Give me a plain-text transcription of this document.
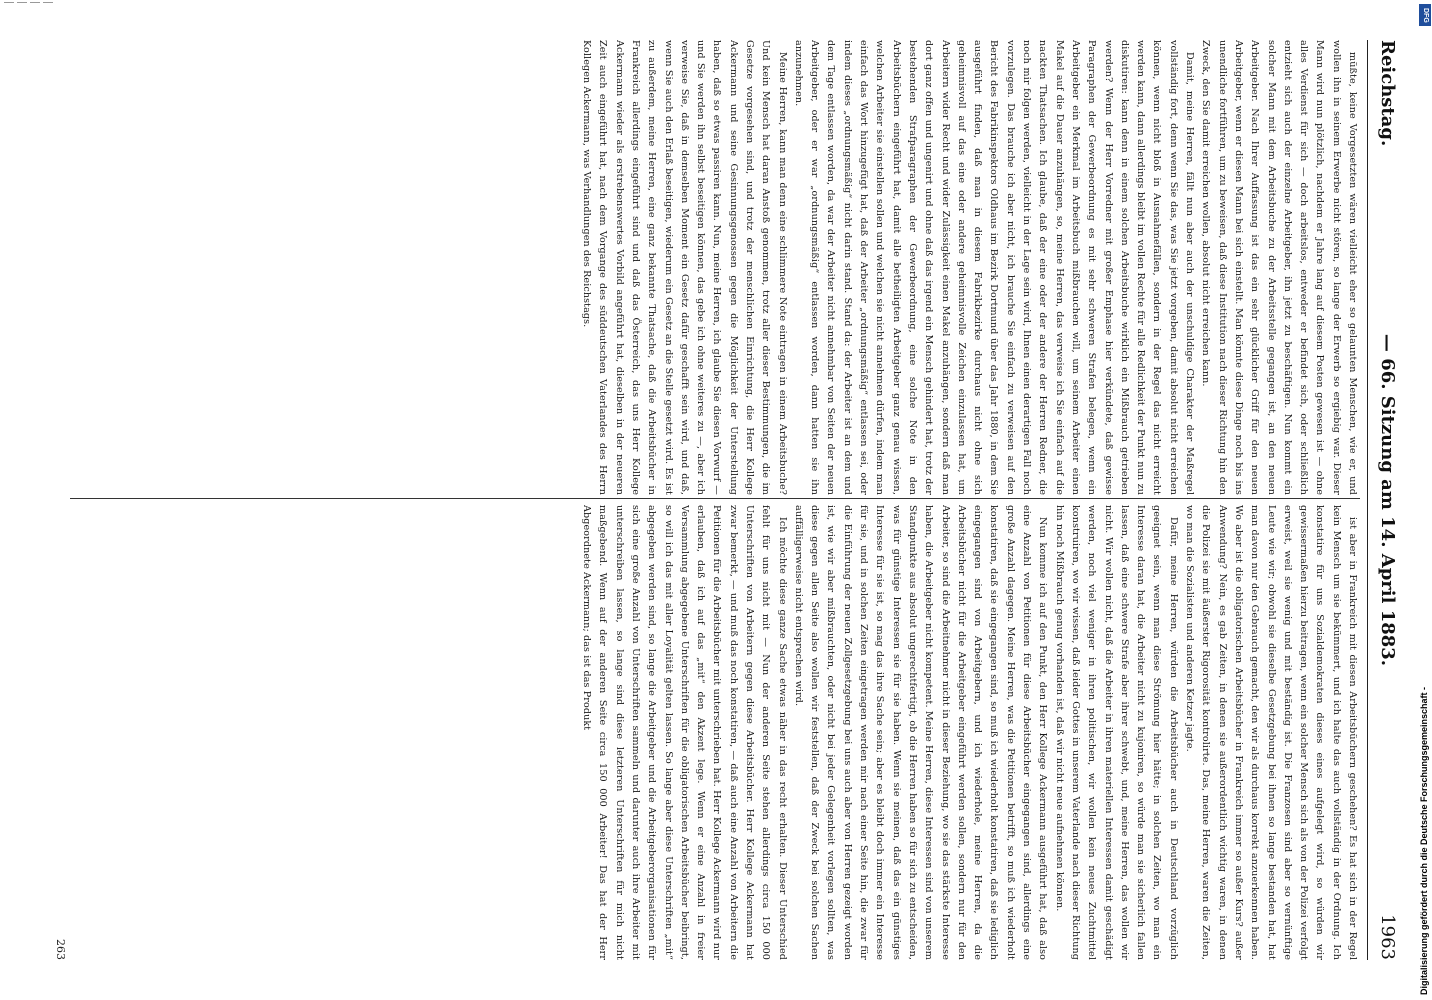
Reichstag.
— 66. Sitzung am 14. April 1883.
1963

müßte, keine Vorgesetzten wären vielleicht eher so gelaunten Menschen, wie er, und wollen ihn in seinem Erwerbe nicht stören, so lange der Erwerb so ergiebig war. Dieser Mann wird nun plötzlich, nachdem er Jahre lang auf diesem Posten gewesen ist — ohne alles Verdienst für sich — doch arbeitslos, entweder er befindet sich, oder schließlich entzieht sich auch der einzelne Arbeitgeber, ihn jetzt zu beschäftigen. Nun kommt ein solcher Mann mit dem Arbeitsbuche zu der Arbeitsstelle gegangen ist, an den neuen Arbeitgeber. Nach Ihrer Auffassung ist das ein sehr glücklicher Griff für den neuen Arbeitgeber, wenn er diesen Mann bei sich einstellt. Man könnte diese Dinge noch bis ins unendliche fortführen, um zu beweisen, daß diese Institution nach dieser Richtung hin den Zweck, den Sie damit erreichen wollen, absolut nicht erreichen kann.

Damit, meine Herren, fällt nun aber auch der unschuldige Charakter der Maßregel vollständig fort, denn wenn Sie das, was Sie jetzt vorgeben, damit absolut nicht erreichen können, wenn nicht bloß in Ausnahmefällen, sondern in der Regel das nicht erreicht werden kann, dann allerdings bleibt im vollen Rechte für alle Redlichkeit der Punkt nun zu diskutiren: kann denn in einem solchen Arbeitsbuche wirklich ein Mißbrauch getrieben werden? Wenn der Herr Vorredner mit großer Emphase hier verkündete, daß gewisse Paragraphen der Gewerbeordnung es mit sehr schweren Strafen belegen, wenn ein Arbeitgeber ein Merkmal im Arbeitsbuch mißbrauchen will, um seinem Arbeiter einen Makel auf die Dauer anzuhängen, so, meine Herren, das verweise ich Sie einfach auf die nackten Thatsachen. Ich glaube, daß der eine oder der andere der Herren Redner, die noch mir folgen werden, vielleicht in der Lage sein wird, Ihnen einen derartigen Fall noch vorzulegen. Das brauche ich aber nicht, ich brauche Sie einfach zu verweisen auf den Bericht des Fabrikinspektors Oldhaus im Bezirk Dortmund über das Jahr 1880, in dem Sie ausgeführt finden, daß man in diesem Fabrikbezirke durchaus nicht ohne sich geheimnisvoll auf das eine oder andere geheimnisvolle Zeichen einzulassen hat, um Arbeitern wider Recht und wider Zulässigkeit einen Makel anzuhängen, sondern daß man dort ganz offen und ungenirt und ohne daß das irgend ein Mensch gehindert hat, trotz der bestehenden Strafparagraphen der Gewerbeordnung, eine solche Note in den Arbeitsbüchern eingeführt hat, damit alle betheiligten Arbeitgeber ganz genau wissen, welchen Arbeiter sie einstellen sollen und welchen sie nicht annehmen dürfen, indem man einfach das Wort hinzugefügt hat, daß der Arbeiter „ordnungsmäßig“ entlassen sei, oder indem dieses „ordnungsmäßig“ nicht darin stand. Stand da: der Arbeiter ist an dem und dem Tage entlassen worden, da war der Arbeiter nicht annehmbar von Seiten der neuen Arbeitgeber, oder er war „ordnungsmäßig“ entlassen worden, dann hatten sie ihn anzunehmen.

Meine Herren, kann man denn eine schlimmere Note eintragen in einem Arbeitsbuche? Und kein Mensch hat daran Anstoß genommen, trotz aller dieser Bestimmungen, die im Gesetze vorgesehen sind, und trotz der menschlichen Einrichtung, die Herr Kollege Ackermann und seine Gesinnungsgenossen gegen die Möglichkeit der Unterstellung haben, daß so etwas passiren kann. Nun, meine Herren, ich glaube Sie diesen Vorwurf — und Sie werden ihn selbst beseitigen können, das gebe ich ohne weiteres zu —, aber ich verweise Sie, daß in demselben Moment ein Gesetz dafür geschafft sein wird, und daß, wenn Sie auch den Erlaß beseitigen, wiederum ein Gesetz an die Stelle gesetzt wird. Es ist zu außerdem, meine Herren, eine ganz bekannte Thatsache, daß die Arbeitsbücher in Frankreich allerdings eingeführt sind und daß das Österreich, das uns Herr Kollege Ackermann wieder als erstrebenswertes Vorbild angeführt hat, dieselben in der neueren Zeit auch eingeführt hat, nach dem Vorgange des süddeutschen Vaterlandes des Herrn Kollegen Ackermann, was Verhandlungen des Reichstags.

ist aber in Frankreich mit diesen Arbeitsbüchern geschehen? Es hat sich in der Regel kein Mensch um sie bekümmert, und ich halte das auch vollständig in der Ordnung. Ich konstatire für uns Sozialdemokraten dieses eines aufgelegt wird, so würden wir gewissermaßen hierzu beitragen, wenn ein solcher Mensch sich als von der Polizei verfolgt erweist, weil sie wenig und mit beständig ist. Die Franzosen sind aber so vernünftige Leute wie wir; obwohl sie dieselbe Gesetzgebung bei ihnen so lange bestanden hat, hat man davon nur den Gebrauch gemacht, den wir als durchaus korrekt anzuerkennen haben. Wo aber ist die obligatorischen Arbeitsbücher in Frankreich immer so außer Kurs? außer Anwendung? Nein, es gab Zeiten, in denen sie außerordentlich wichtig waren, in denen die Polizei sie mit äußerster Rigorosität kontrolirte. Das, meine Herren, waren die Zeiten, wo man die Sozialisten und anderen Ketzer jagte.

Dafür, meine Herren, würden die Arbeitsbücher auch in Deutschland vorzüglich geeignet sein, wenn man diese Strömung hier hätte; in solchen Zeiten, wo man ein Interesse daran hat, die Arbeiter nicht zu kujoniren, so würde man sie sicherlich fallen lassen, daß eine schwere Strafe aber ihrer schwebt, und, meine Herren, das wollen wir nicht. Wir wollen nicht, daß die Arbeiter in ihren materiellen Interessen damit geschädigt werden, noch viel weniger in ihren politischen, wir wollen kein neues Zuchtmittel konstruiren, wo wir wissen, daß leider Gottes in unserem Vaterlande nach dieser Richtung hin noch Mißbrauch genug vorhanden ist, daß wir nicht neue aufnehmen können.

Nun komme ich auf den Punkt, den Herr Kollege Ackermann ausgeführt hat, daß also eine Anzahl von Petitionen für diese Arbeitsbücher eingegangen sind, allerdings eine große Anzahl dagegen. Meine Herren, was die Petitionen betrifft, so muß ich wiederholt konstatiren, daß sie eingegangen sind, so muß ich wiederholt konstatiren, daß sie lediglich eingegangen sind von Arbeitgebern, und ich wiederhole, meine Herren, da die Arbeitsbücher nicht für die Arbeitgeber eingeführt werden sollen, sondern nur für den Arbeiter, so sind die Arbeitnehmer nicht in dieser Beziehung, wo sie das stärkste Interesse haben, die Arbeitgeber nicht kompetent. Meine Herren, diese Interessen sind von unserem Standpunkte aus absolut ungerechtfertigt, ob die Herren haben so für sich zu entscheiden, was für günstige Interessen sie für sie haben. Wenn sie meinen, daß das ein günstiges Interesse für sie ist, so mag das ihre Sache sein; aber es bleibt doch immer ein Interesse für sie, und in solchen Zeiten eingetragen werden mir nach einer Seite hin, die zwar für die Einführung der neuen Zollgesetzgebung bei uns auch aber von Herren gezeigt worden ist, wie wir aber mißbrauchten, oder nicht bei jeder Gelegenheit vorlegen sollten, was diese gegen allen Seite also wollen wir feststellen, daß der Zweck bei solchen Sachen auffälligerweise nicht entsprechen wird.

Ich möchte diese ganze Sache etwas näher in das recht erhalten. Dieser Unterschied fehlt für uns nicht mit — Nun der anderen Seite stehen allerdings circa 150 000 Unterschriften von Arbeitern gegen diese Arbeitsbücher. Herr Kollege Ackermann hat zwar bemerkt, — und muß das noch konstatiren, — daß auch eine Anzahl von Arbeitern die Petitionen für die Arbeitsbücher mit unterschrieben hat. Herr Kollege Ackermann wird nur erlauben, daß ich auf das „mit“ den Akzent lege. Wenn er eine Anzahl in freier Versammlung abgegebene Unterschriften für die obligatorischen Arbeitsbücher beibringt, so will ich das mit aller Loyalität gelten lassen. So lange aber diese Unterschriften „mit“ abgegeben werden sind, so lange die Arbeitgeber und die Arbeitgeberorganisationen für sich eine große Anzahl von Unterschriften sammeln und darunter auch ihre Arbeiter mit unterschreiben lassen, so lange sind diese letzteren Unterschriften für mich nicht maßgebend. Wenn auf der anderen Seite circa 150 000 Arbeiter! Das hat der Herr Abgeordnete Ackermann; das ist das Produkt

263	Digitalisierung gefördert durch die Deutsche Forschungsgemeinschaft -
DFG
